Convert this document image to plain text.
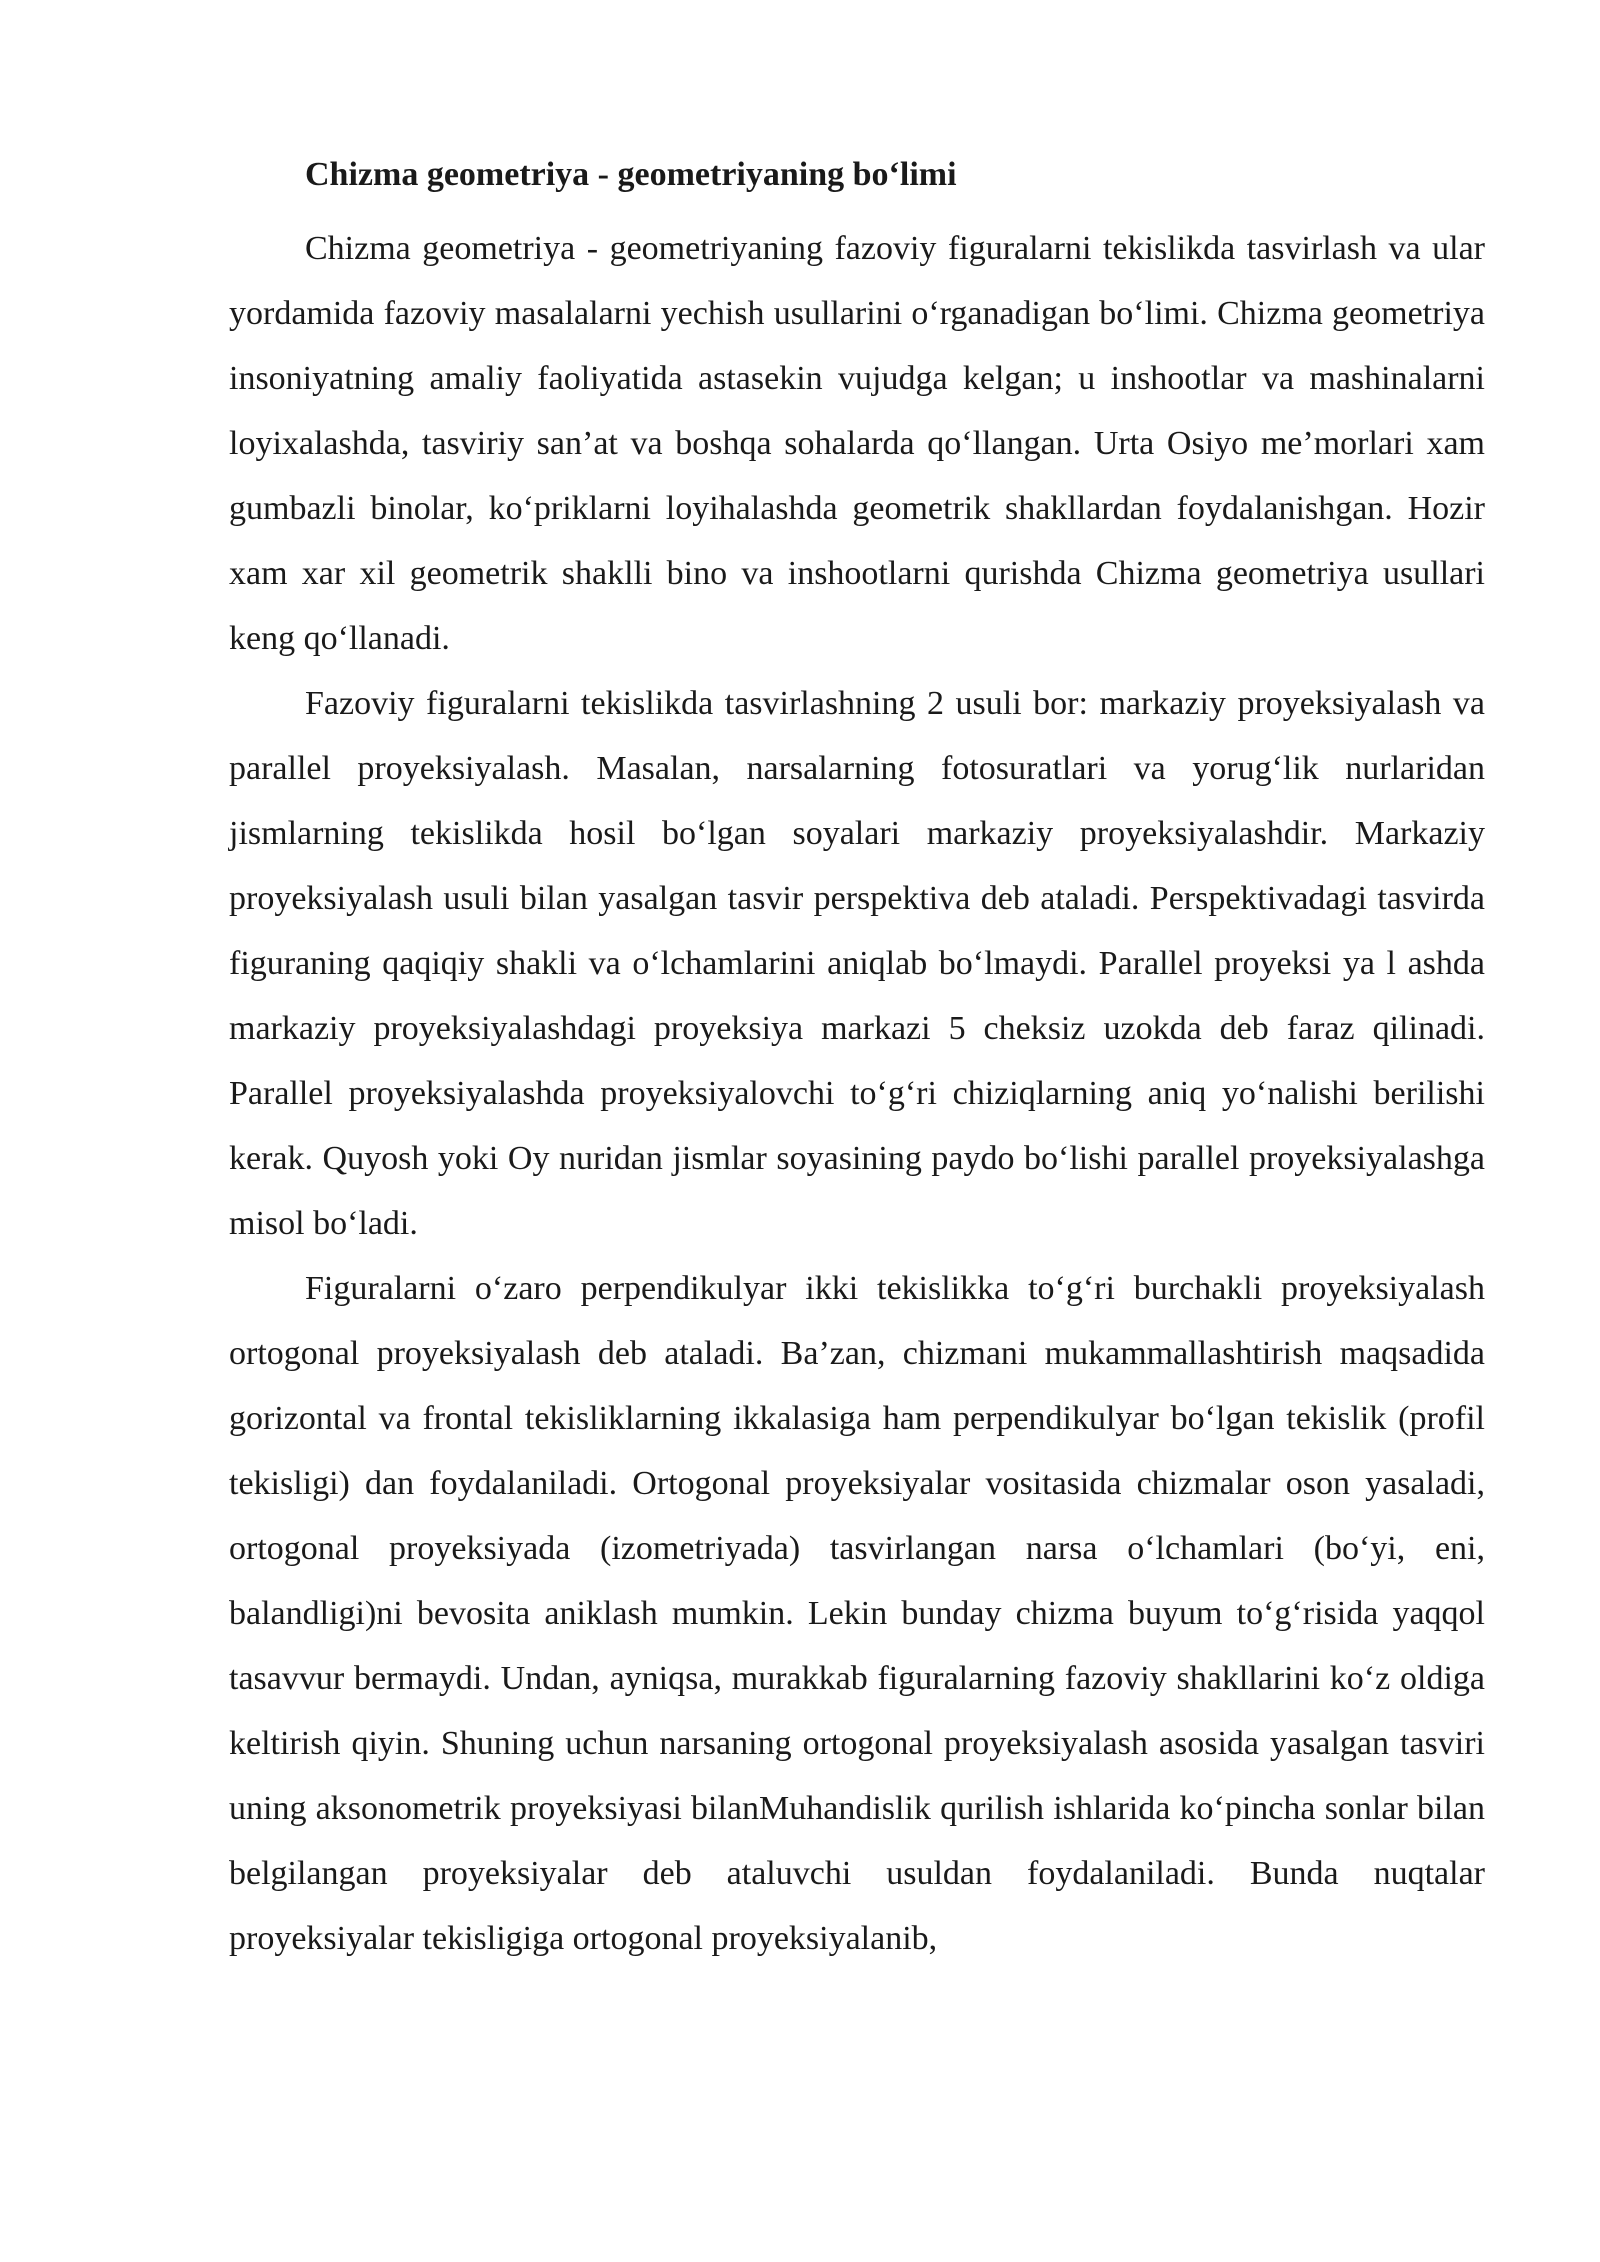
Chizma geometriya - geometriyaning bo‘limi

Chizma geometriya - geometriyaning fazoviy figuralarni tekislikda tasvirlash va ular yordamida fazoviy masalalarni yechish usullarini o‘rganadigan bo‘limi. Chizma geometriya insoniyatning amaliy faoliyatida astasekin vujudga kelgan; u inshootlar va mashinalarni loyixalashda, tasviriy san’at va boshqa sohalarda qo‘llangan. Urta Osiyo me’morlari xam gumbazli binolar, ko‘priklarni loyihalashda geometrik shakllardan foydalanishgan. Hozir xam xar xil geometrik shaklli bino va inshootlarni qurishda Chizma geometriya usullari keng qo‘llanadi.

Fazoviy figuralarni tekislikda tasvirlashning 2 usuli bor: markaziy proyeksiyalash va parallel proyeksiyalash. Masalan, narsalarning fotosuratlari va yorug‘lik nurlaridan jismlarning tekislikda hosil bo‘lgan soyalari markaziy proyeksiyalashdir. Markaziy proyeksiyalash usuli bilan yasalgan tasvir perspektiva deb ataladi. Perspektivadagi tasvirda figuraning qaqiqiy shakli va o‘lchamlarini aniqlab bo‘lmaydi. Parallel proyeksi ya l ashda markaziy proyeksiyalashdagi proyeksiya markazi 5 cheksiz uzokda deb faraz qilinadi. Parallel proyeksiyalashda proyeksiyalovchi to‘g‘ri chiziqlarning aniq yo‘nalishi berilishi kerak. Quyosh yoki Oy nuridan jismlar soyasining paydo bo‘lishi parallel proyeksiyalashga misol bo‘ladi.

Figuralarni o‘zaro perpendikulyar ikki tekislikka to‘g‘ri burchakli proyeksiyalash ortogonal proyeksiyalash deb ataladi. Ba’zan, chizmani mukammallashtirish maqsadida gorizontal va frontal tekisliklarning ikkalasiga ham perpendikulyar bo‘lgan tekislik (profil tekisligi) dan foydalaniladi. Ortogonal proyeksiyalar vositasida chizmalar oson yasaladi, ortogonal proyeksiyada (izometriyada) tasvirlangan narsa o‘lchamlari (bo‘yi, eni, balandligi)ni bevosita aniklash mumkin. Lekin bunday chizma buyum to‘g‘risida yaqqol tasavvur bermaydi. Undan, ayniqsa, murakkab figuralarning fazoviy shakllarini ko‘z oldiga keltirish qiyin. Shuning uchun narsaning ortogonal proyeksiyalash asosida yasalgan tasviri uning aksonometrik proyeksiyasi bilanMuhandislik qurilish ishlarida ko‘pincha sonlar bilan belgilangan proyeksiyalar deb ataluvchi usuldan foydalaniladi. Bunda nuqtalar proyeksiyalar tekisligiga ortogonal proyeksiyalanib,
